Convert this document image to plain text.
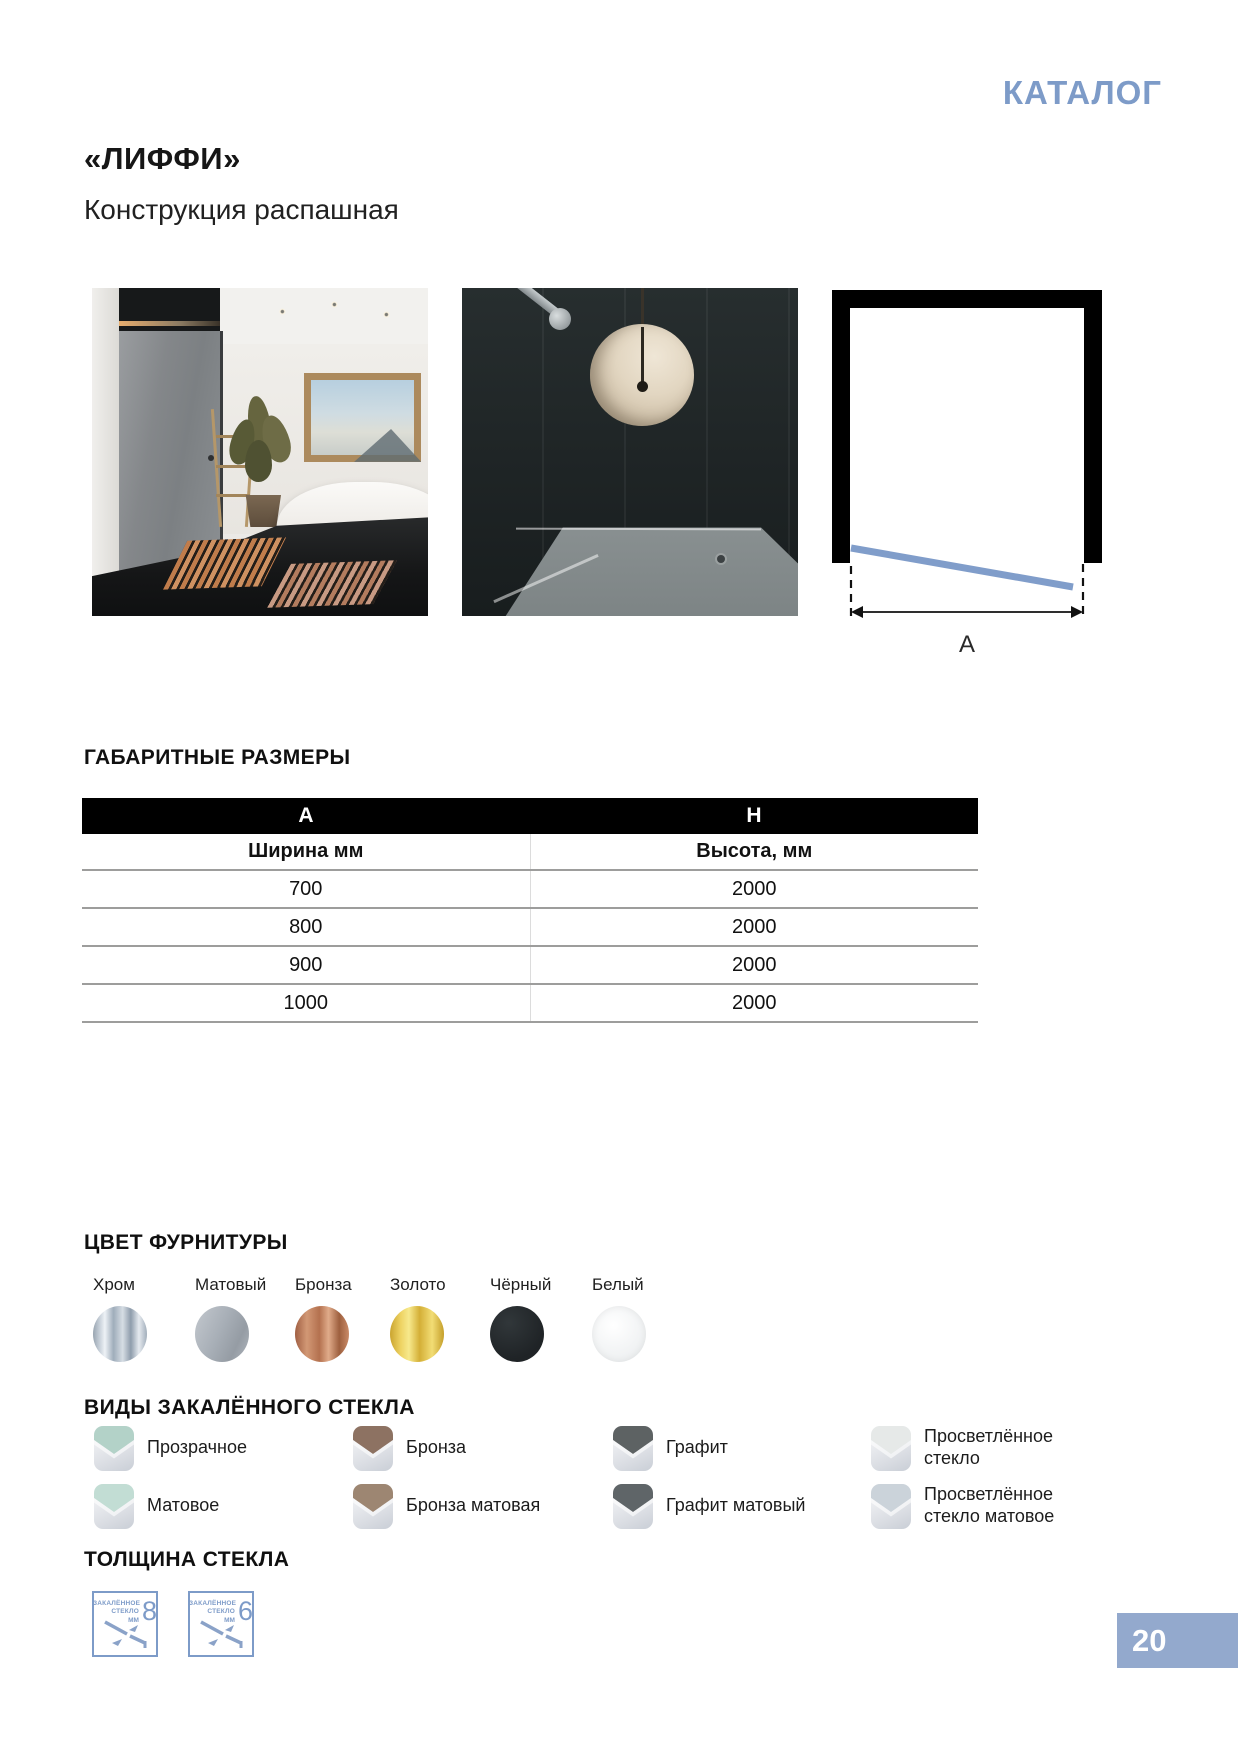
КАТАЛОГ
«ЛИФФИ»
Конструкция распашная
A
ГАБАРИТНЫЕ РАЗМЕРЫ
A	H
Ширина мм	Высота, мм
700	2000
800	2000
900	2000
1000	2000
ЦВЕТ ФУРНИТУРЫ
Хром	Матовый Бронза Золото	Чёрный Белый
ВИДЫ ЗАКАЛЁННОГО СТЕКЛА
Прозрачное	Бронза	Графит
Просветлённое стекло
Матовое	Бронза матовая	Графит матовый
Просветлённое стекло матовое
ТОЛЩИНА СТЕКЛА
ЗАКАЛЁННОЕ СТЕКЛО
ММ 8	ЗАКАЛЁННОЕ СТЕКЛО
ММ 6
20
